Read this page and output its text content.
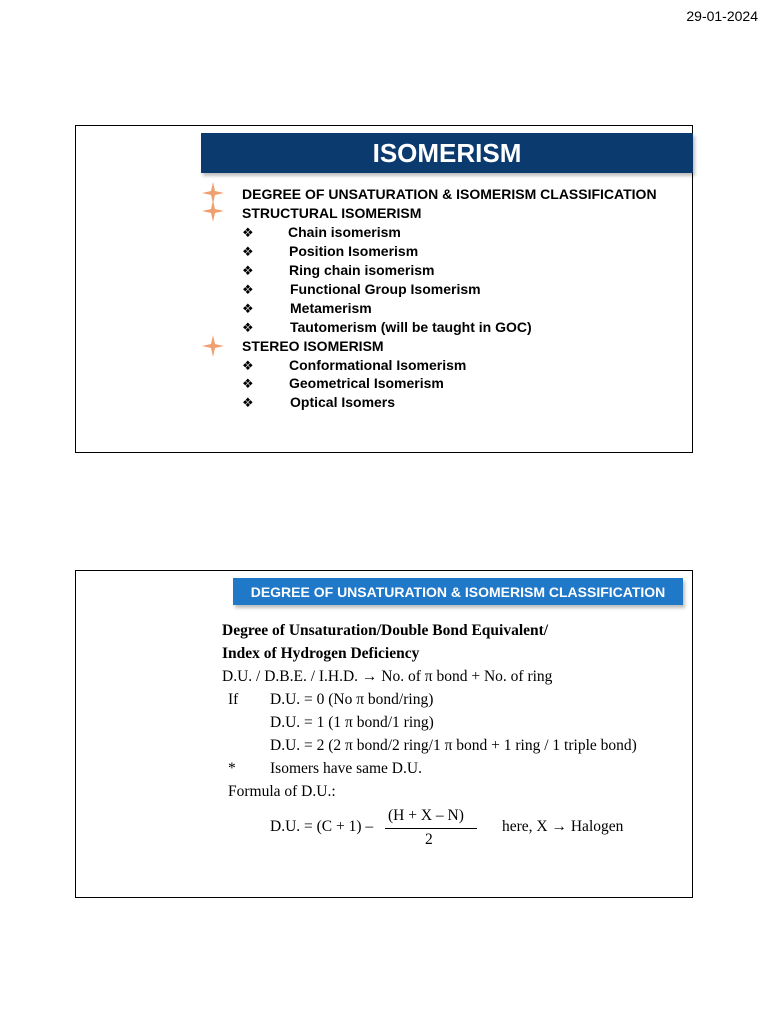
29-01-2024
ISOMERISM
DEGREE OF UNSATURATION & ISOMERISM CLASSIFICATION
STRUCTURAL ISOMERISM
❖ Chain isomerism
❖	Position Isomerism
❖	Ring chain isomerism
❖	Functional Group Isomerism
❖	Metamerism
❖	Tautomerism (will be taught in GOC)
STEREO ISOMERISM
❖	Conformational Isomerism
❖	Geometrical Isomerism
❖	Optical Isomers
DEGREE OF UNSATURATION & ISOMERISM CLASSIFICATION
Degree of Unsaturation/Double Bond Equivalent/
Index of Hydrogen Deficiency
D.U. / D.B.E. / I.H.D. → No. of π bond + No. of ring
If D.U. = 0 (No π bond/ring)
D.U. = 1 (1 π bond/1 ring)
D.U. = 2 (2 π bond/2 ring/1 π bond + 1 ring / 1 triple bond)
* Isomers have same D.U.
Formula of D.U.:
D.U. = (C + 1) –
(H + X – N)
2
here, X → Halogen
